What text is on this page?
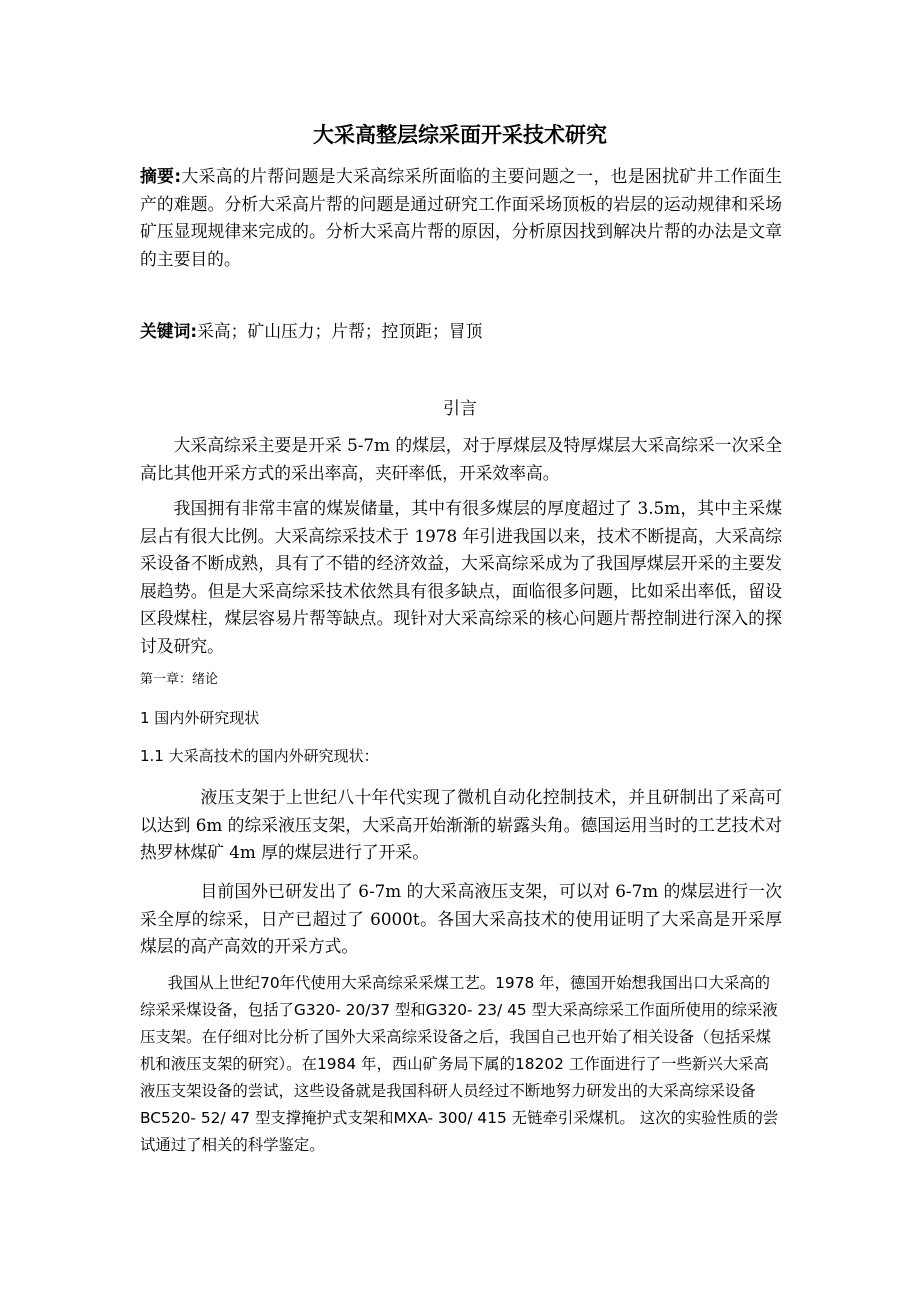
大采高整层综采面开采技术研究

摘要:大采高的片帮问题是大采高综采所面临的主要问题之一，也是困扰矿井工作面生产的难题。分析大采高片帮的问题是通过研究工作面采场顶板的岩层的运动规律和采场矿压显现规律来完成的。分析大采高片帮的原因，分析原因找到解决片帮的办法是文章的主要目的。

关键词:采高；矿山压力；片帮；控顶距；冒顶

引言

大采高综采主要是开采 5-7m 的煤层，对于厚煤层及特厚煤层大采高综采一次采全高比其他开采方式的采出率高，夹矸率低，开采效率高。

我国拥有非常丰富的煤炭储量，其中有很多煤层的厚度超过了 3.5m，其中主采煤层占有很大比例。大采高综采技术于 1978 年引进我国以来，技术不断提高，大采高综采设备不断成熟，具有了不错的经济效益，大采高综采成为了我国厚煤层开采的主要发展趋势。但是大采高综采技术依然具有很多缺点，面临很多问题，比如采出率低，留设区段煤柱，煤层容易片帮等缺点。现针对大采高综采的核心问题片帮控制进行深入的探讨及研究。

第一章：绪论
1 国内外研究现状
1.1 大采高技术的国内外研究现状：

液压支架于上世纪八十年代实现了微机自动化控制技术，并且研制出了采高可以达到 6m 的综采液压支架，大采高开始渐渐的崭露头角。德国运用当时的工艺技术对热罗林煤矿 4m 厚的煤层进行了开采。

目前国外已研发出了 6-7m 的大采高液压支架，可以对 6-7m 的煤层进行一次采全厚的综采，日产已超过了 6000t。各国大采高技术的使用证明了大采高是开采厚煤层的高产高效的开采方式。

我国从上世纪70年代使用大采高综采采煤工艺。1978 年，德国开始想我国出口大采高的综采采煤设备，包括了G320- 20/37 型和G320- 23/ 45 型大采高综采工作面所使用的综采液压支架。在仔细对比分析了国外大采高综采设备之后，我国自己也开始了相关设备（包括采煤机和液压支架的研究）。在1984 年，西山矿务局下属的18202 工作面进行了一些新兴大采高液压支架设备的尝试，这些设备就是我国科研人员经过不断地努力研发出的大采高综采设备BC520- 52/ 47 型支撑掩护式支架和MXA- 300/ 415 无链牵引采煤机。 这次的实验性质的尝试通过了相关的科学鉴定。
